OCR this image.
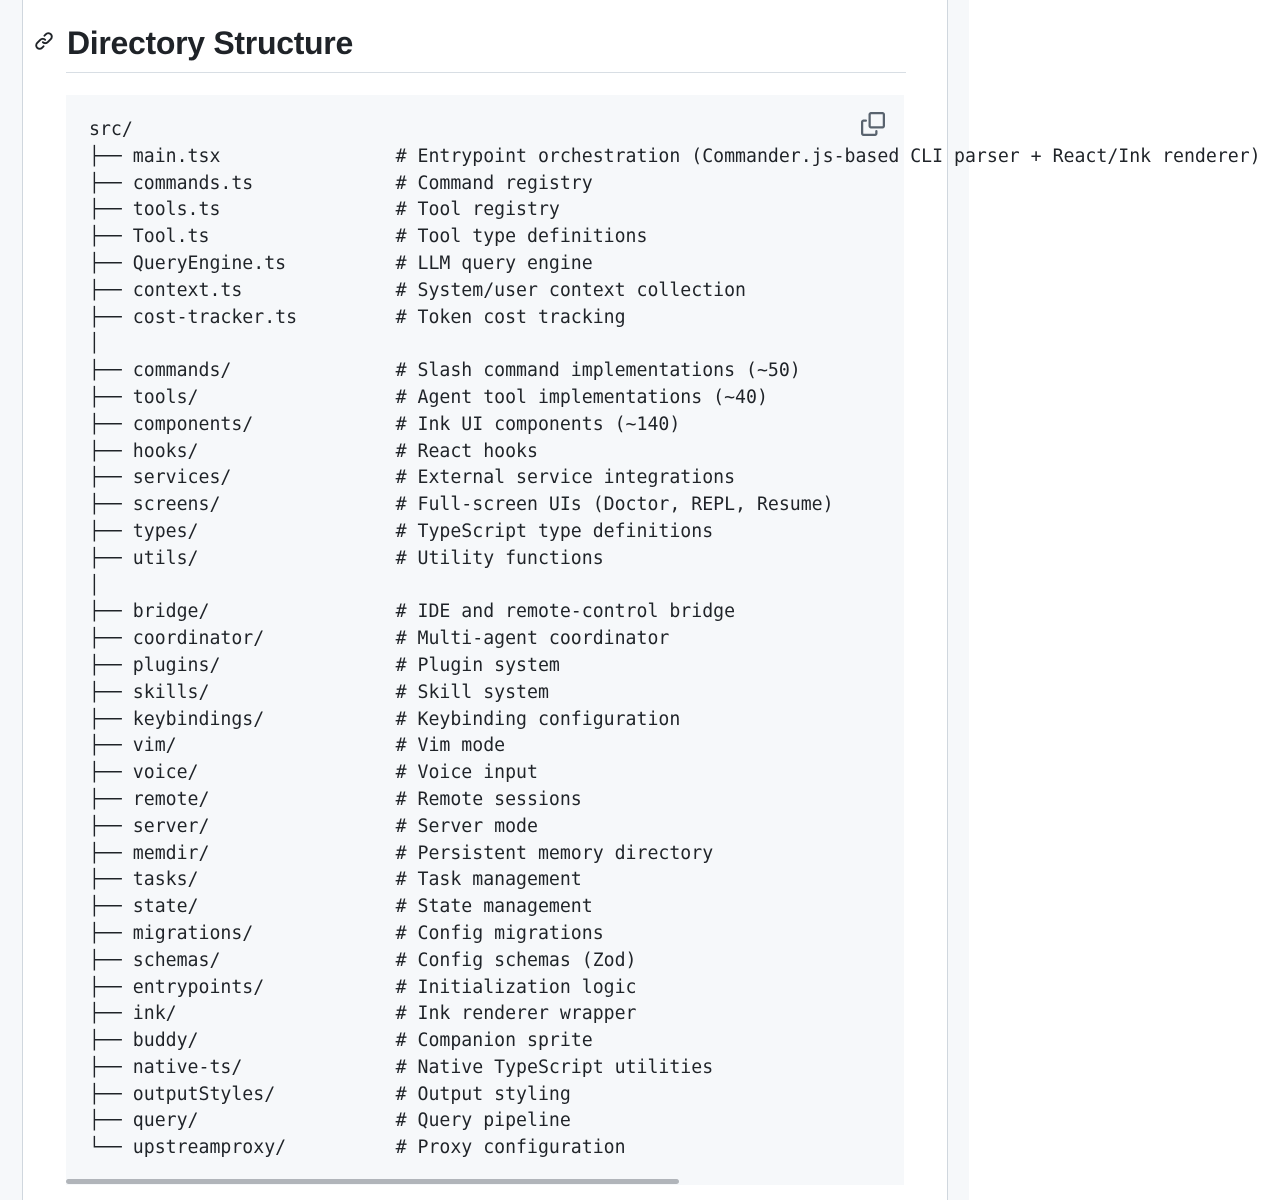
Directory Structure
src/
├── main.tsx                # Entrypoint orchestration (Commander.js-based CLI parser + React/Ink renderer)
├── commands.ts             # Command registry
├── tools.ts                # Tool registry
├── Tool.ts                 # Tool type definitions
├── QueryEngine.ts          # LLM query engine
├── context.ts              # System/user context collection
├── cost-tracker.ts         # Token cost tracking
│
├── commands/               # Slash command implementations (~50)
├── tools/                  # Agent tool implementations (~40)
├── components/             # Ink UI components (~140)
├── hooks/                  # React hooks
├── services/               # External service integrations
├── screens/                # Full-screen UIs (Doctor, REPL, Resume)
├── types/                  # TypeScript type definitions
├── utils/                  # Utility functions
│
├── bridge/                 # IDE and remote-control bridge
├── coordinator/            # Multi-agent coordinator
├── plugins/                # Plugin system
├── skills/                 # Skill system
├── keybindings/            # Keybinding configuration
├── vim/                    # Vim mode
├── voice/                  # Voice input
├── remote/                 # Remote sessions
├── server/                 # Server mode
├── memdir/                 # Persistent memory directory
├── tasks/                  # Task management
├── state/                  # State management
├── migrations/             # Config migrations
├── schemas/                # Config schemas (Zod)
├── entrypoints/            # Initialization logic
├── ink/                    # Ink renderer wrapper
├── buddy/                  # Companion sprite
├── native-ts/              # Native TypeScript utilities
├── outputStyles/           # Output styling
├── query/                  # Query pipeline
└── upstreamproxy/          # Proxy configuration
